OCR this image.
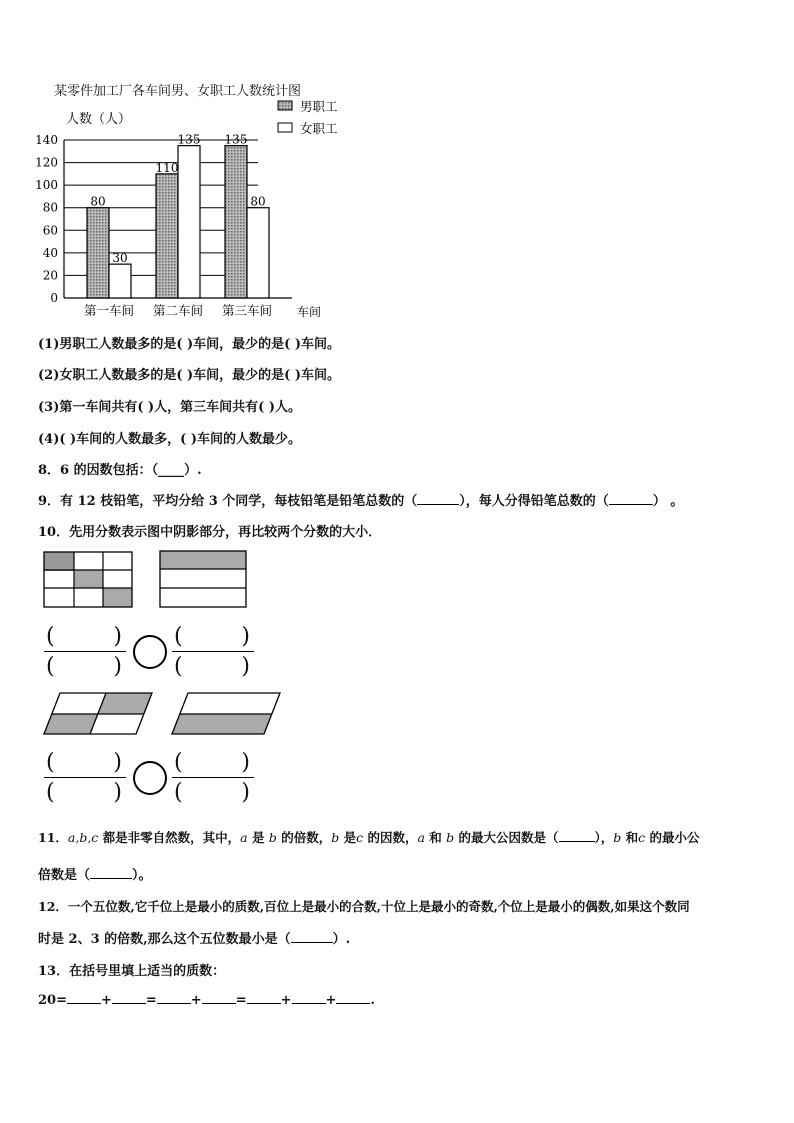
某零件加工厂各车间男、女职工人数统计图
0
20
40
60
80
100
120
140
人数（人）
车间
80
30
第一车间
110
135
第二车间
135
80
第三车间
男职工
女职工
(1)男职工人数最多的是( )车间，最少的是( )车间。
(2)女职工人数最多的是( )车间，最少的是( )车间。
(3)第一车间共有( )人，第三车间共有( )人。
(4)( )车间的人数最多，( )车间的人数最少。
8．6 的因数包括：（____）.
9．有 12 枝铅笔，平均分给 3 个同学，每枝铅笔是铅笔总数的（	），每人分得铅笔总数的（	） 。
10．先用分数表示图中阴影部分，再比较两个分数的大小．
(	)
(	)
(	)
(	)
(	)
(	)
(	)
(	)
11．a,b,c 都是非零自然数，其中，a 是 b 的倍数，b 是c 的因数，a 和 b 的最大公因数是（	），b 和c 的最小公
倍数是（	）。
12．一个五位数,它千位上是最小的质数,百位上是最小的合数,十位上是最小的奇数,个位上是最小的偶数,如果这个数同
时是 2、3 的倍数,那么这个五位数最小是（	）.
13．在括号里填上适当的质数：
20=	+	=	+	=	+	+	.
